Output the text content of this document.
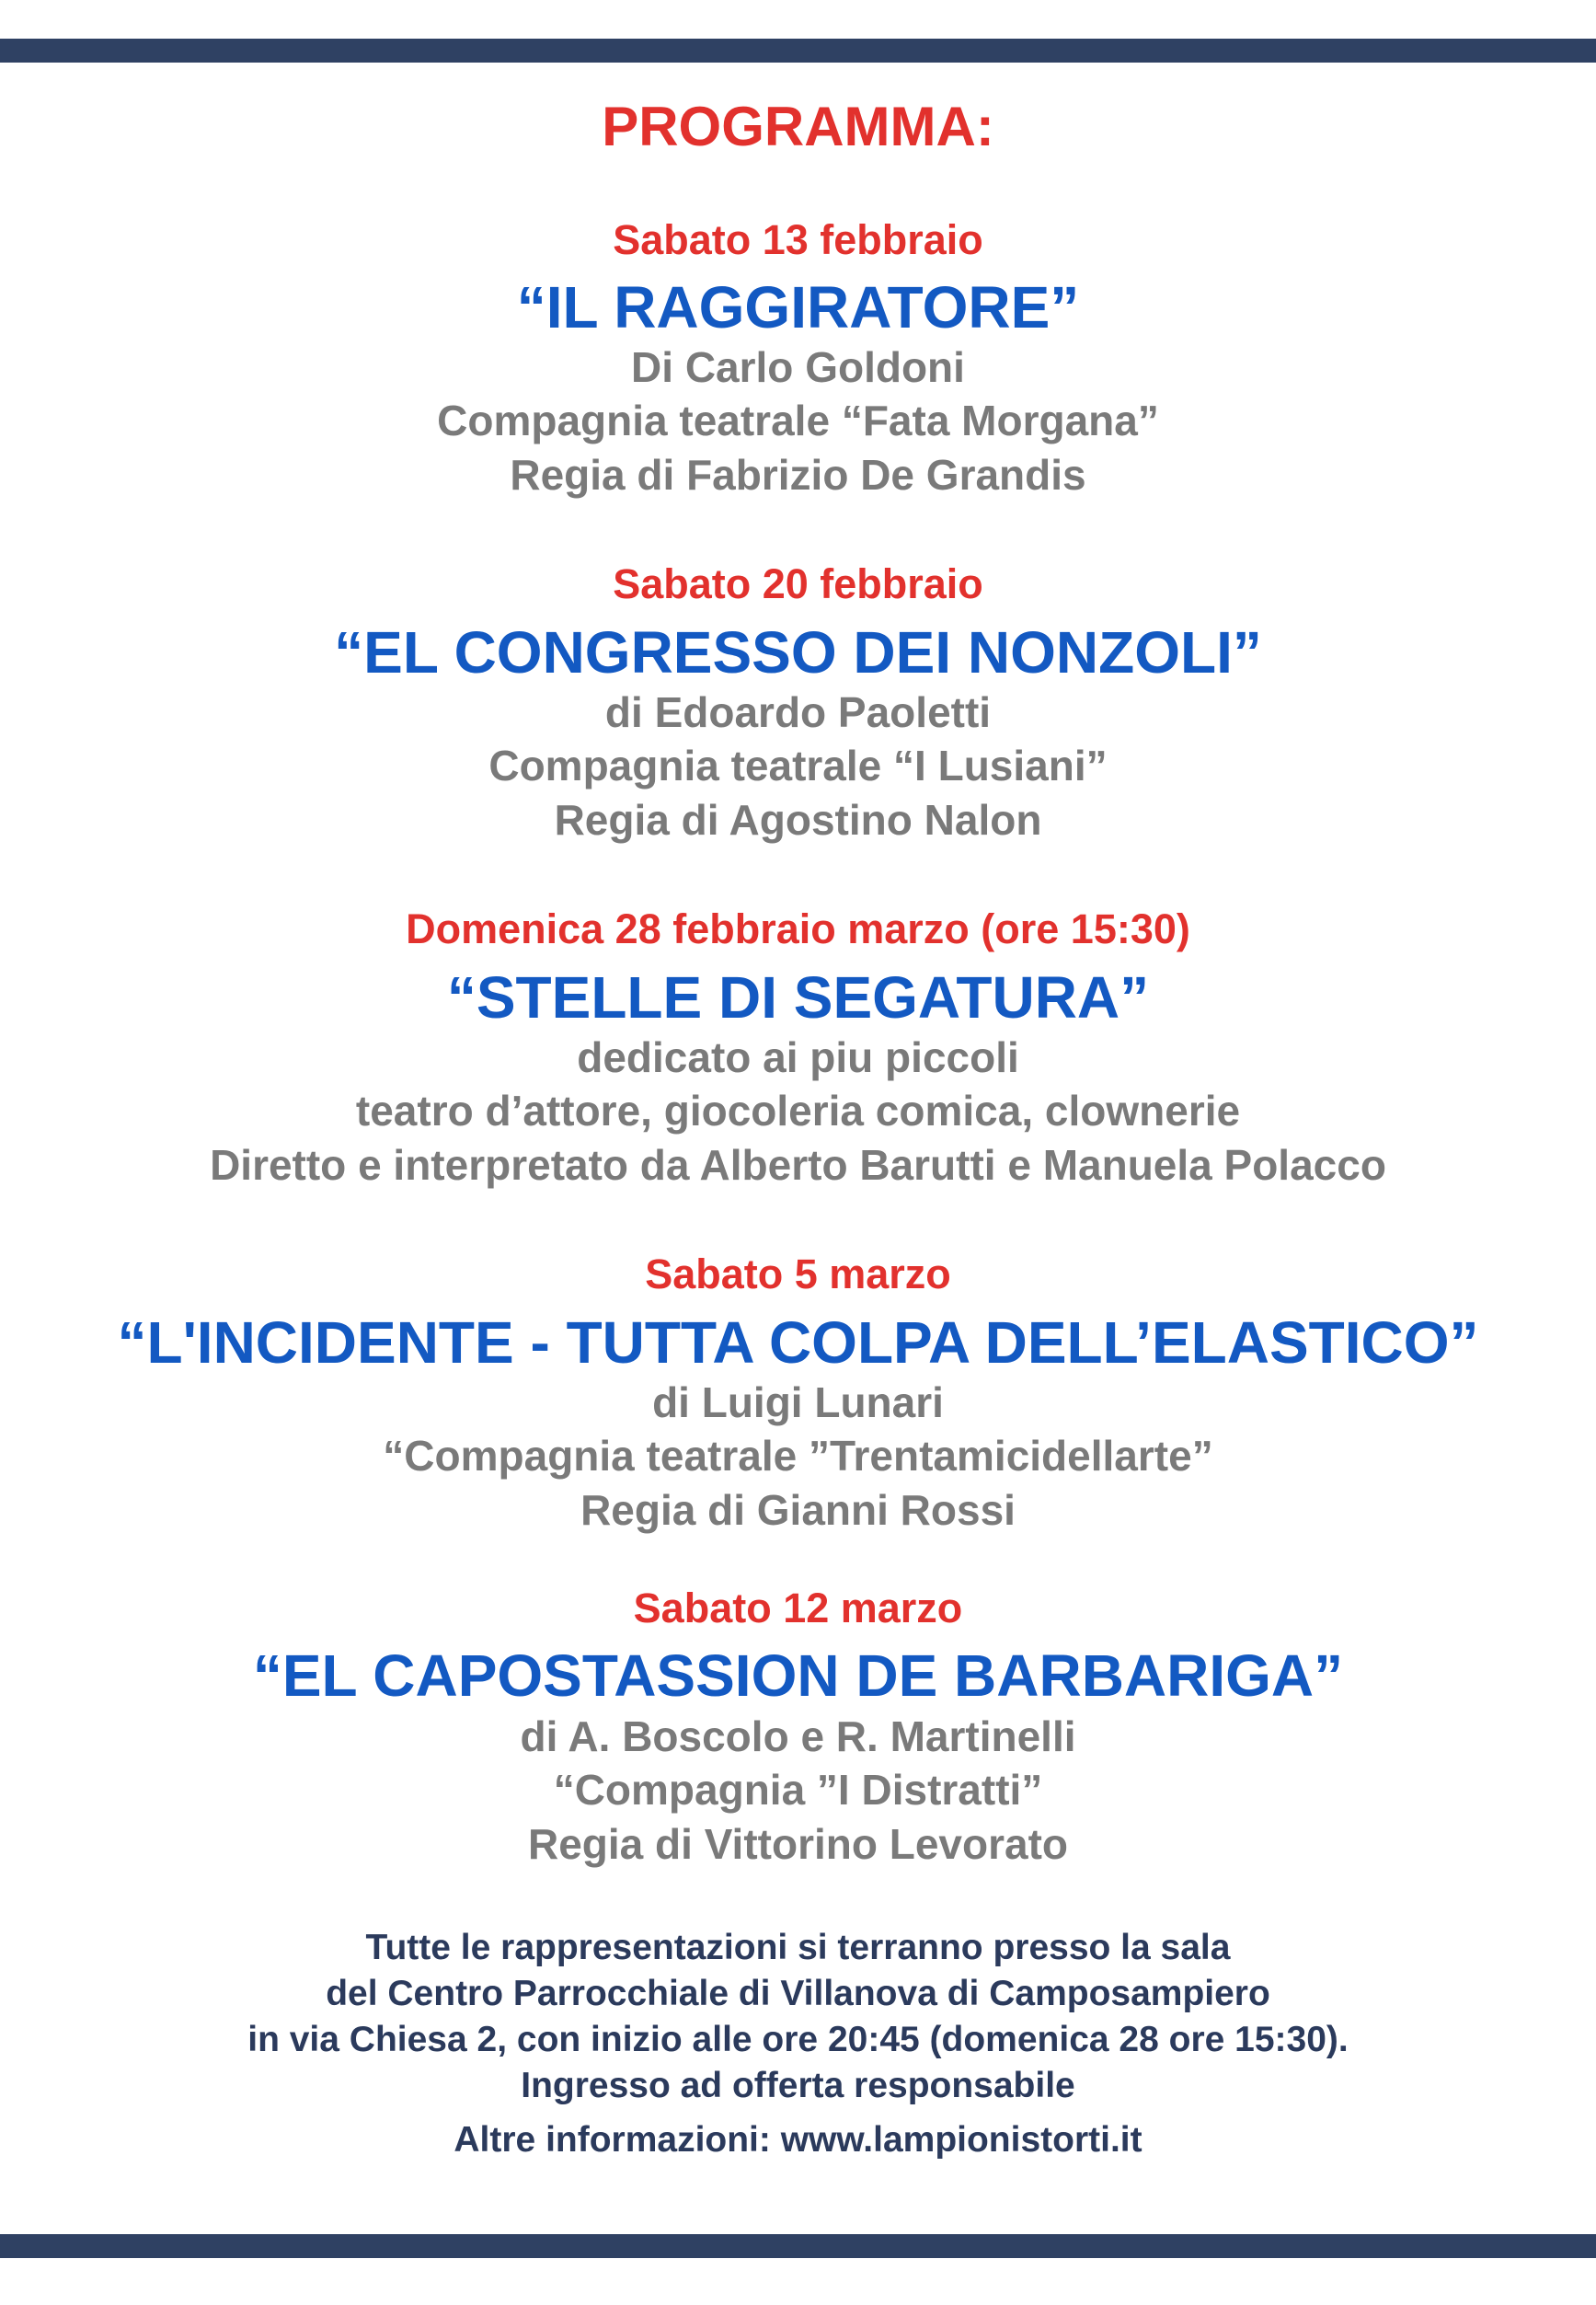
PROGRAMMA:
Sabato 13 febbraio
“IL RAGGIRATORE”
Di Carlo Goldoni
Compagnia teatrale “Fata Morgana”
Regia di Fabrizio De Grandis
Sabato 20 febbraio
“EL CONGRESSO DEI NONZOLI”
di Edoardo Paoletti
Compagnia teatrale “I Lusiani”
Regia di Agostino Nalon
Domenica 28 febbraio marzo (ore 15:30)
“STELLE DI SEGATURA”
dedicato ai piu piccoli
teatro d’attore, giocoleria comica, clownerie
Diretto e interpretato da Alberto Barutti e Manuela Polacco
Sabato 5 marzo
“L'INCIDENTE - TUTTA COLPA DELL’ELASTICO”
di Luigi Lunari
“Compagnia teatrale ”Trentamicidellarte”
Regia di Gianni Rossi
Sabato 12 marzo
“EL CAPOSTASSION DE BARBARIGA”
di A. Boscolo e R. Martinelli
“Compagnia ”I Distratti”
Regia di Vittorino Levorato
Tutte le rappresentazioni si terranno presso la sala
del Centro Parrocchiale di Villanova di Camposampiero
in via Chiesa 2, con inizio alle ore 20:45 (domenica 28 ore 15:30).
Ingresso ad offerta responsabile
Altre informazioni: www.lampionistorti.it
